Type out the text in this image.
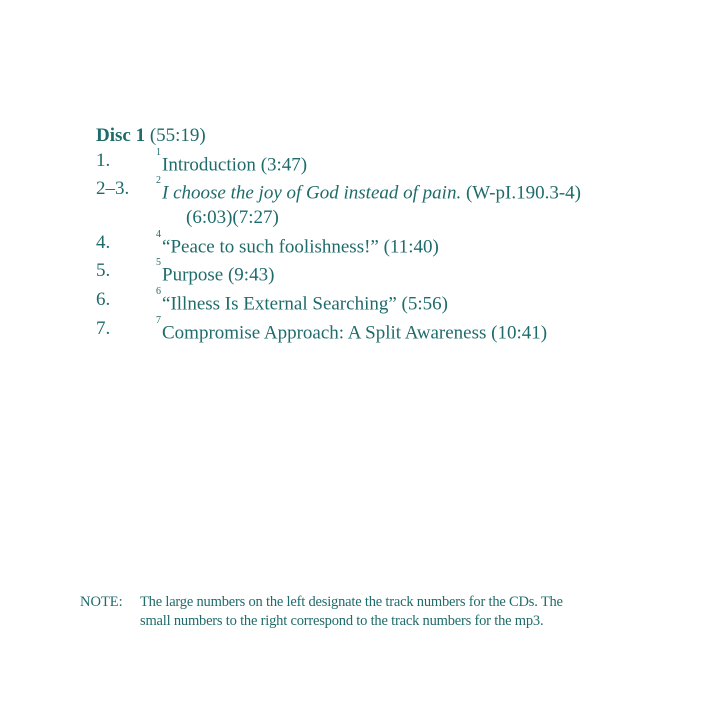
Disc 1 (55:19)
1.	$^1$Introduction (3:47)
2–3.	$^2$I choose the joy of God instead of pain. (W-pI.190.3-4)
(6:03)(7:27)
4.	$^4$“Peace to such foolishness!” (11:40)
5.	$^5$Purpose (9:43)
6.	$^6$“Illness Is External Searching” (5:56)
7.	$^7$Compromise Approach: A Split Awareness (10:41)
NOTE:	The large numbers on the left designate the track numbers for the CDs. The
small numbers to the right correspond to the track numbers for the mp3.
